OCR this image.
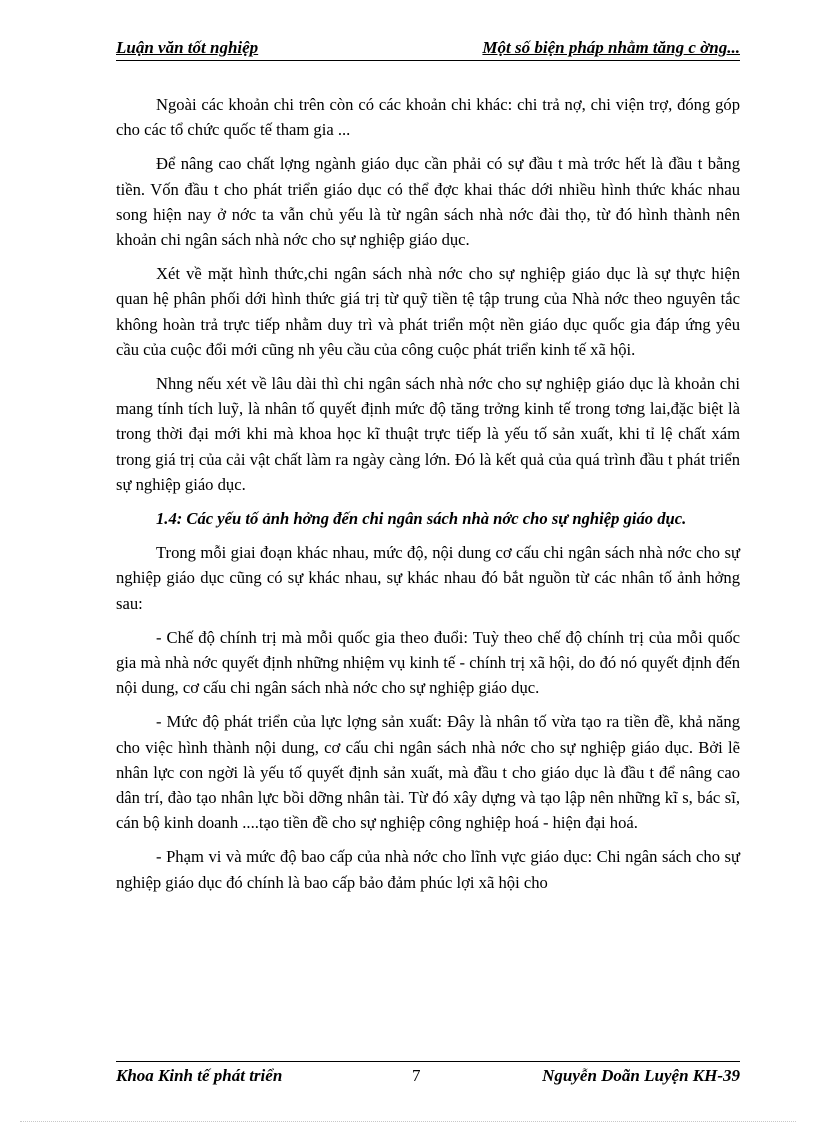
Luận văn tốt nghiệp	Một số biện pháp nhằm tăng c ờng...

Ngoài các khoản chi trên còn có các khoản chi khác: chi trả nợ, chi viện trợ, đóng góp cho các tổ chức quốc tế tham gia ...

Để nâng cao chất lợng ngành giáo dục cần phải có sự đầu t mà trớc hết là đầu t bằng tiền. Vốn đầu t cho phát triển giáo dục có thể đợc khai thác dới nhiều hình thức khác nhau song hiện nay ở nớc ta vẫn chủ yếu là từ ngân sách nhà nớc đài thọ, từ đó hình thành nên khoản chi ngân sách nhà nớc cho sự nghiệp giáo dục.

Xét về mặt hình thức,chi ngân sách nhà nớc cho sự nghiệp giáo dục là sự thực hiện quan hệ phân phối dới hình thức giá trị từ quỹ tiền tệ tập trung của Nhà nớc theo nguyên tắc không hoàn trả trực tiếp nhằm duy trì và phát triển một nền giáo dục quốc gia đáp ứng yêu cầu của cuộc đổi mới cũng nh yêu cầu của công cuộc phát triển kinh tế xã hội.

Nhng nếu xét về lâu dài thì chi ngân sách nhà nớc cho sự nghiệp giáo dục là khoản chi mang tính tích luỹ, là nhân tố quyết định mức độ tăng trởng kinh tế trong tơng lai,đặc biệt là trong thời đại mới khi mà khoa học kĩ thuật trực tiếp là yếu tố sản xuất, khi tỉ lệ chất xám trong giá trị của cải vật chất làm ra ngày càng lớn. Đó là kết quả của quá trình đầu t phát triển sự nghiệp giáo dục.

1.4: Các yếu tố ảnh hởng đến chi ngân sách nhà nớc cho sự nghiệp giáo dục.

Trong mỗi giai đoạn khác nhau, mức độ, nội dung cơ cấu chi ngân sách nhà nớc cho sự nghiệp giáo dục cũng có sự khác nhau, sự khác nhau đó bắt nguồn từ các nhân tố ảnh hởng sau:

- Chế độ chính trị mà mỗi quốc gia theo đuổi: Tuỳ theo chế độ chính trị của mỗi quốc gia mà nhà nớc quyết định những nhiệm vụ kinh tế - chính trị xã hội, do đó nó quyết định đến nội dung, cơ cấu chi ngân sách nhà nớc cho sự nghiệp giáo dục.

- Mức độ phát triển của lực lợng sản xuất: Đây là nhân tố vừa tạo ra tiền đề, khả năng cho việc hình thành nội dung, cơ cấu chi ngân sách nhà nớc cho sự nghiệp giáo dục. Bởi lẽ nhân lực con ngời là yếu tố quyết định sản xuất, mà đầu t cho giáo dục là đầu t để nâng cao dân trí, đào tạo nhân lực bồi dỡng nhân tài. Từ đó xây dựng và tạo lập nên những kĩ s, bác sĩ, cán bộ kinh doanh ....tạo tiền đề cho sự nghiệp công nghiệp hoá - hiện đại hoá.

- Phạm vi và mức độ bao cấp của nhà nớc cho lĩnh vực giáo dục: Chi ngân sách cho sự nghiệp giáo dục đó chính là bao cấp bảo đảm phúc lợi xã hội cho

Khoa Kinh tế phát triển	7	Nguyễn Doãn Luyện KH-39
